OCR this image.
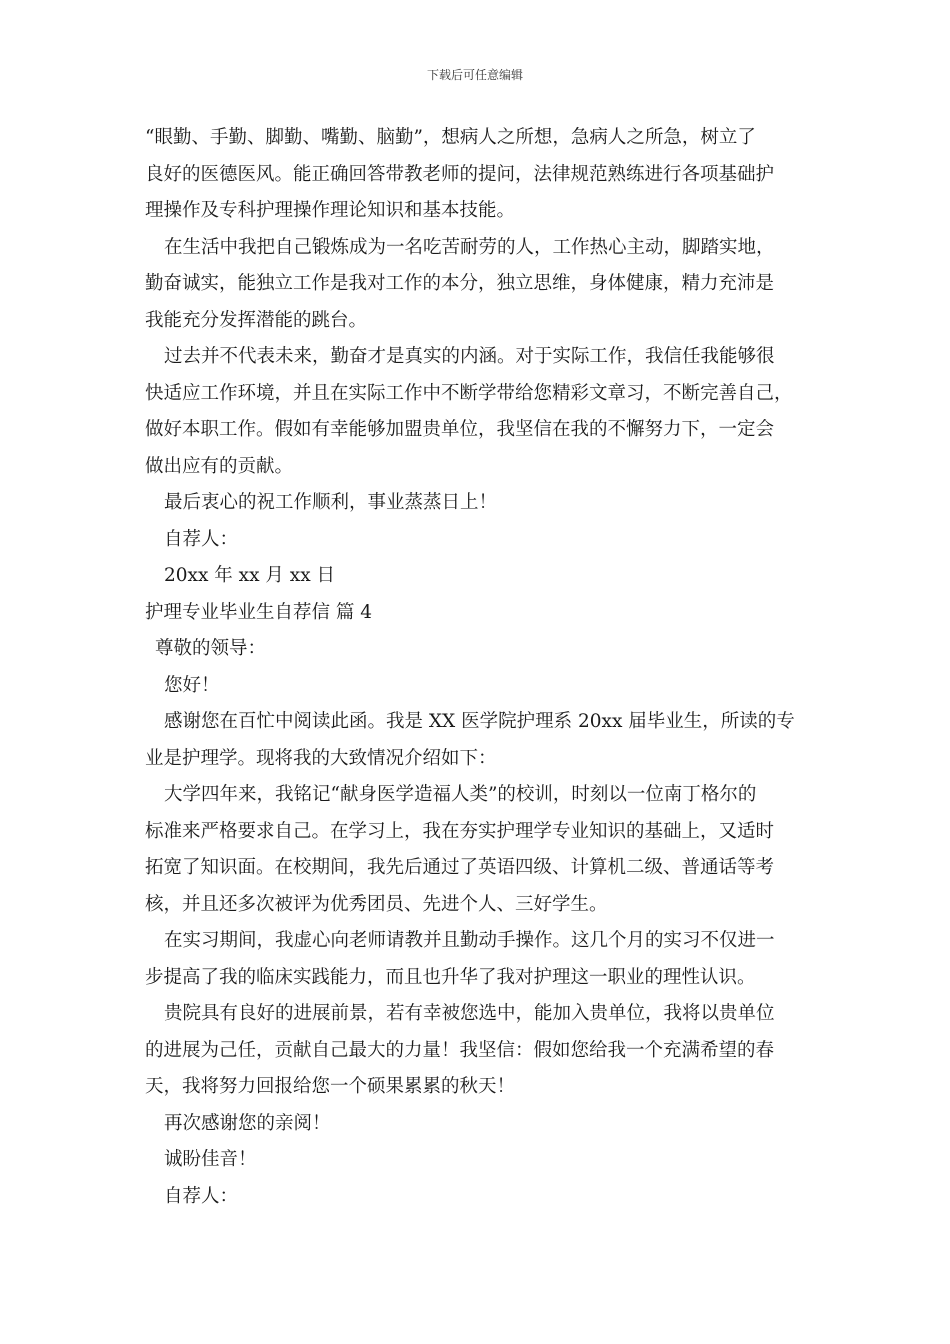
下载后可任意编辑
“眼勤、手勤、脚勤、嘴勤、脑勤”，想病人之所想，急病人之所急，树立了
良好的医德医风。能正确回答带教老师的提问，法律规范熟练进行各项基础护
理操作及专科护理操作理论知识和基本技能。
在生活中我把自己锻炼成为一名吃苦耐劳的人，工作热心主动，脚踏实地，
勤奋诚实，能独立工作是我对工作的本分，独立思维，身体健康，精力充沛是
我能充分发挥潜能的跳台。
过去并不代表未来，勤奋才是真实的内涵。对于实际工作，我信任我能够很
快适应工作环境，并且在实际工作中不断学带给您精彩文章习，不断完善自己，
做好本职工作。假如有幸能够加盟贵单位，我坚信在我的不懈努力下，一定会
做出应有的贡献。
最后衷心的祝工作顺利，事业蒸蒸日上！
自荐人：
20xx 年 xx 月 xx 日
护理专业毕业生自荐信 篇 4
尊敬的领导：
您好！
感谢您在百忙中阅读此函。我是 XX 医学院护理系 20xx 届毕业生，所读的专
业是护理学。现将我的大致情况介绍如下：
大学四年来，我铭记“献身医学造福人类”的校训，时刻以一位南丁格尔的
标准来严格要求自己。在学习上，我在夯实护理学专业知识的基础上，又适时
拓宽了知识面。在校期间，我先后通过了英语四级、计算机二级、普通话等考
核，并且还多次被评为优秀团员、先进个人、三好学生。
在实习期间，我虚心向老师请教并且勤动手操作。这几个月的实习不仅进一
步提高了我的临床实践能力，而且也升华了我对护理这一职业的理性认识。
贵院具有良好的进展前景，若有幸被您选中，能加入贵单位，我将以贵单位
的进展为己任，贡献自己最大的力量！我坚信：假如您给我一个充满希望的春
天，我将努力回报给您一个硕果累累的秋天！
再次感谢您的亲阅！
诚盼佳音！
自荐人：
